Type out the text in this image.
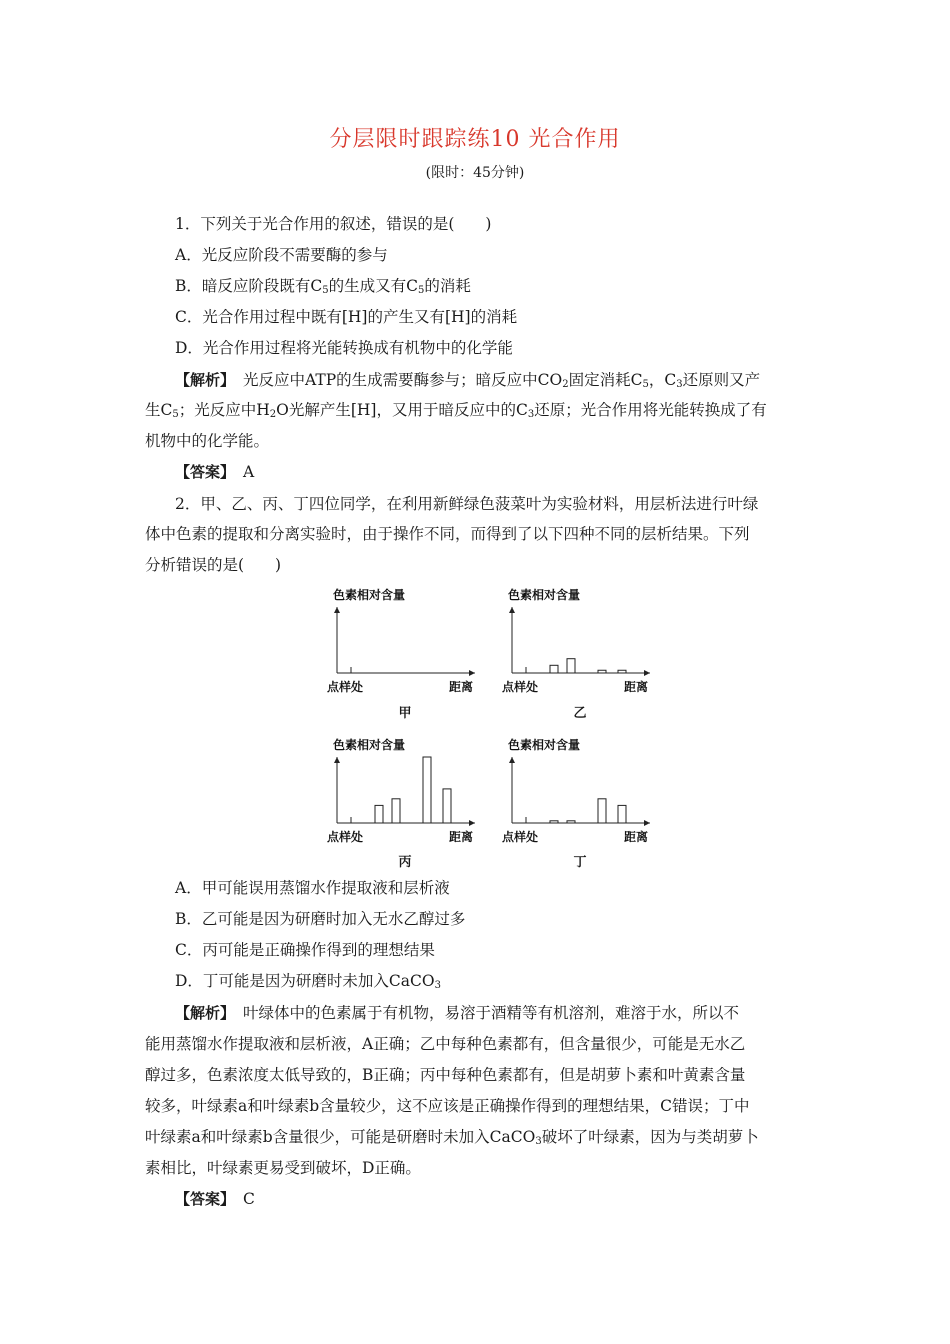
分层限时跟踪练10 光合作用
(限时：45分钟)
1．下列关于光合作用的叙述，错误的是(　　)
A．光反应阶段不需要酶的参与
B．暗反应阶段既有$C_5$的生成又有$C_5$的消耗
C．光合作用过程中既有[H]的产生又有[H]的消耗
D．光合作用过程将光能转换成有机物中的化学能
【解析】　光反应中ATP的生成需要酶参与；暗反应中$CO_2$固定消耗$C_5$，$C_3$还原则又产
生$C_5$；光反应中$H_2O$光解产生[H]，又用于暗反应中的$C_3$还原；光合作用将光能转换成了有
机物中的化学能。
【答案】　 A
2．甲、乙、丙、丁四位同学，在利用新鲜绿色菠菜叶为实验材料，用层析法进行叶绿
体中色素的提取和分离实验时，由于操作不同，而得到了以下四种不同的层析结果。下列
分析错误的是(　　)
色素相对含量
点样处	距离
色素相对含量
点样处	距离
色素相对含量
点样处	距离
色素相对含量
点样处	距离
甲	乙
丙	丁
A．甲可能误用蒸馏水作提取液和层析液
B．乙可能是因为研磨时加入无水乙醇过多
C．丙可能是正确操作得到的理想结果
D．丁可能是因为研磨时未加入CaCO$_3$
【解析】　 叶绿体中的色素属于有机物，易溶于酒精等有机溶剂，难溶于水，所以不
能用蒸馏水作提取液和层析液，A正确；乙中每种色素都有，但含量很少，可能是无水乙
醇过多，色素浓度太低导致的，B正确；丙中每种色素都有，但是胡萝卜素和叶黄素含量
较多，叶绿素a和叶绿素b含量较少，这不应该是正确操作得到的理想结果，C错误；丁中
叶绿素a和叶绿素b含量很少，可能是研磨时未加入CaCO$_3$破坏了叶绿素，因为与类胡萝卜
素相比，叶绿素更易受到破坏，D正确。
【答案】　 C
